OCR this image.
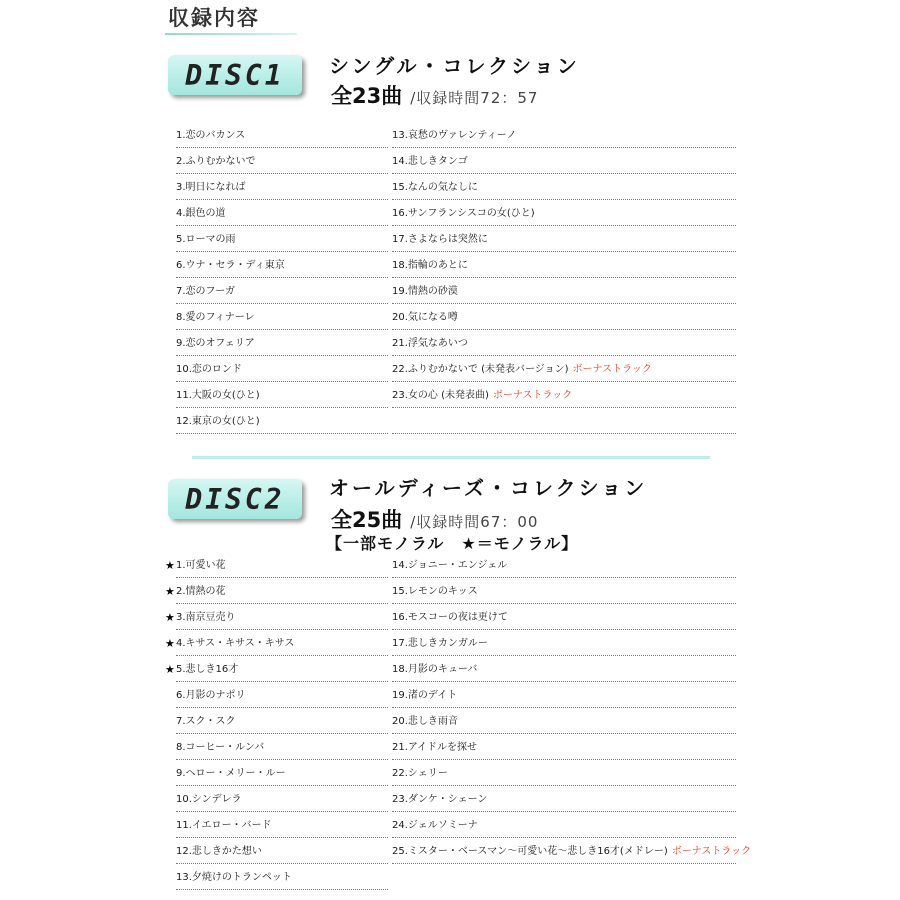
収録内容
DISC1	シングル・コレクション
全23曲 /収録時間72：57
1.恋のバカンス
2.ふりむかないで
3.明日になれば
4.銀色の道
5.ローマの雨
6.ウナ・セラ・ディ東京
7.恋のフーガ
8.愛のフィナーレ
9.恋のオフェリア
10.恋のロンド
11.大阪の女(ひと)
12.東京の女(ひと)
13.哀愁のヴァレンティーノ
14.悲しきタンゴ
15.なんの気なしに
16.サンフランシスコの女(ひと)
17.さよならは突然に
18.指輪のあとに
19.情熱の砂漠
20.気になる噂
21.浮気なあいつ
22.ふりむかないで (未発表バージョン) ボーナストラック
23.女の心 (未発表曲) ボーナストラック
DISC2	オールディーズ・コレクション
全25曲 /収録時間67：00
【一部モノラル　★＝モノラル】
★ 1.可愛い花
★ 2.情熱の花
★ 3.南京豆売り
★ 4.キサス・キサス・キサス
★ 5.悲しき16才
6.月影のナポリ
7.スク・スク
8.コーヒー・ルンバ
9.ヘロー・メリー・ルー
10.シンデレラ
11.イエロー・バード
12.悲しきかた想い
13.夕焼けのトランペット
14.ジョニー・エンジェル
15.レモンのキッス
16.モスコーの夜は更けて
17.悲しきカンガルー
18.月影のキューバ
19.渚のデイト
20.悲しき雨音
21.アイドルを探せ
22.シェリー
23.ダンケ・シェーン
24.ジェルソミーナ
25.ミスター・ベースマン〜可愛い花〜悲しき16才(メドレー) ボーナストラック
